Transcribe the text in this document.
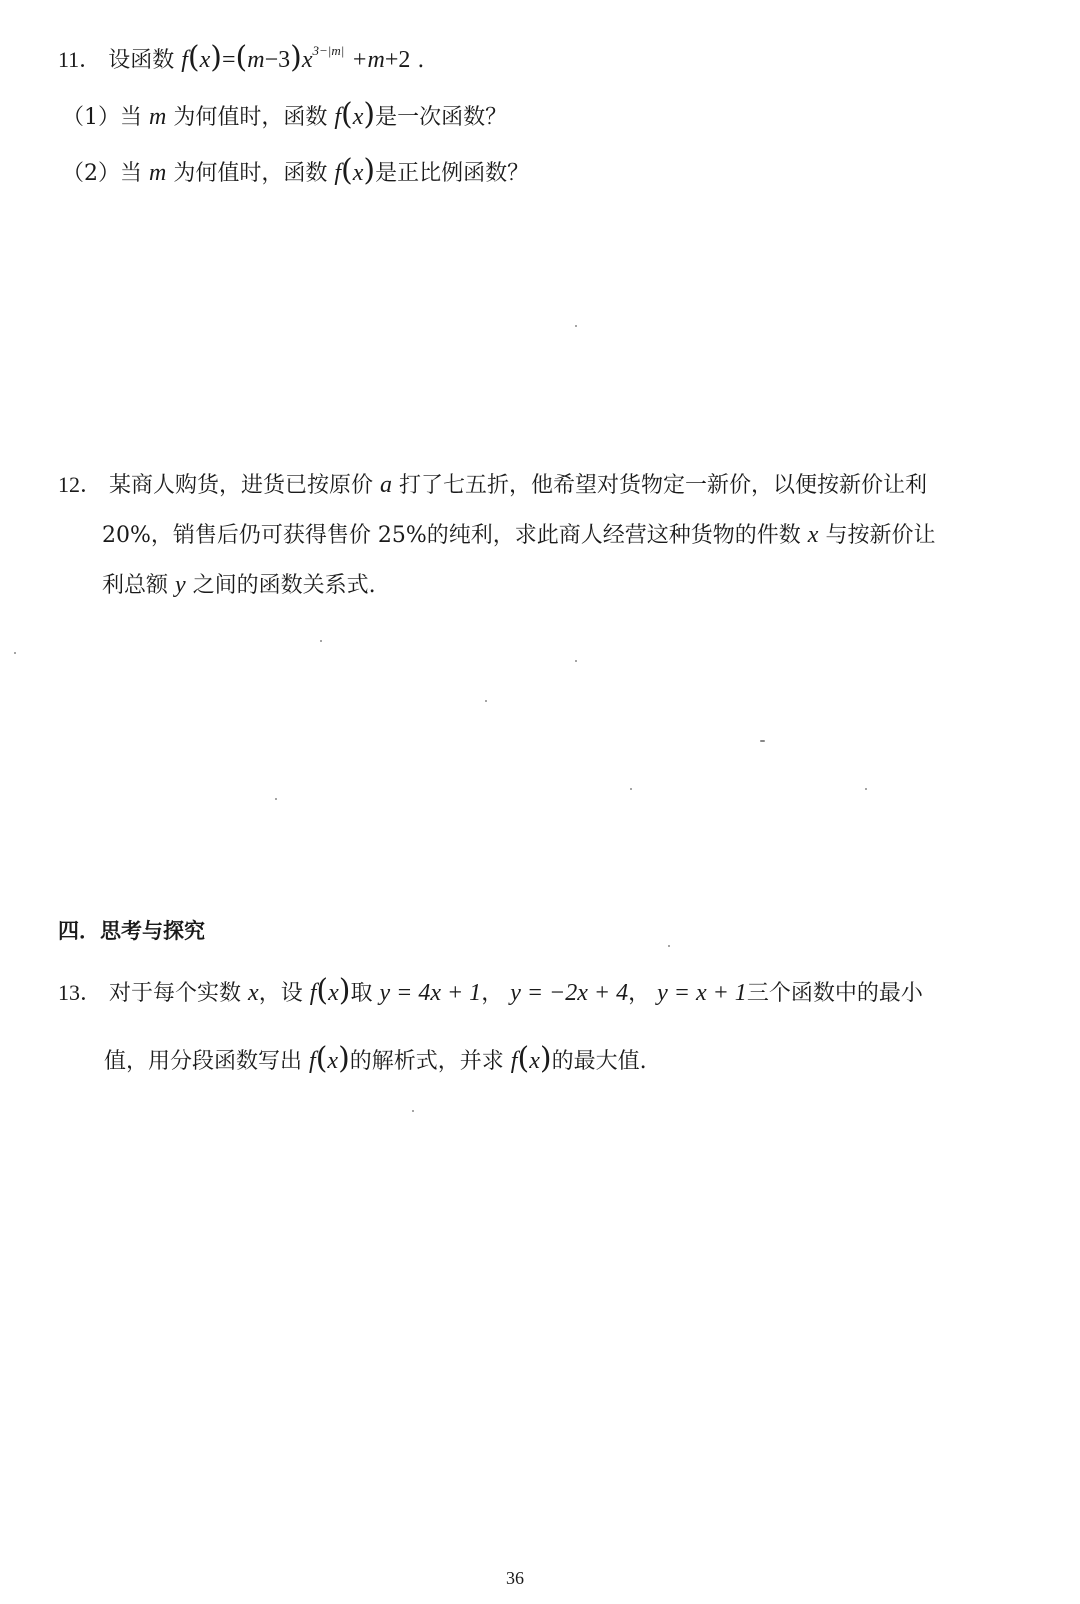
11． 设函数 $f(x)=(m-3)x^{3-|m|} +m+2$ .
（1）当 m 为何值时，函数 f(x)是一次函数？
（2）当 m 为何值时，函数 f(x)是正比例函数？
12． 某商人购货，进货已按原价 a 打了七五折，他希望对货物定一新价，以便按新价让利
20%，销售后仍可获得售价 25%的纯利，求此商人经营这种货物的件数 x 与按新价让
利总额 y 之间的函数关系式.
四．思考与探究
13． 对于每个实数 x，设 f(x)取 y = 4x + 1， y = −2x + 4， y = x + 1三个函数中的最小
值，用分段函数写出 f(x)的解析式，并求 f(x)的最大值.
36
